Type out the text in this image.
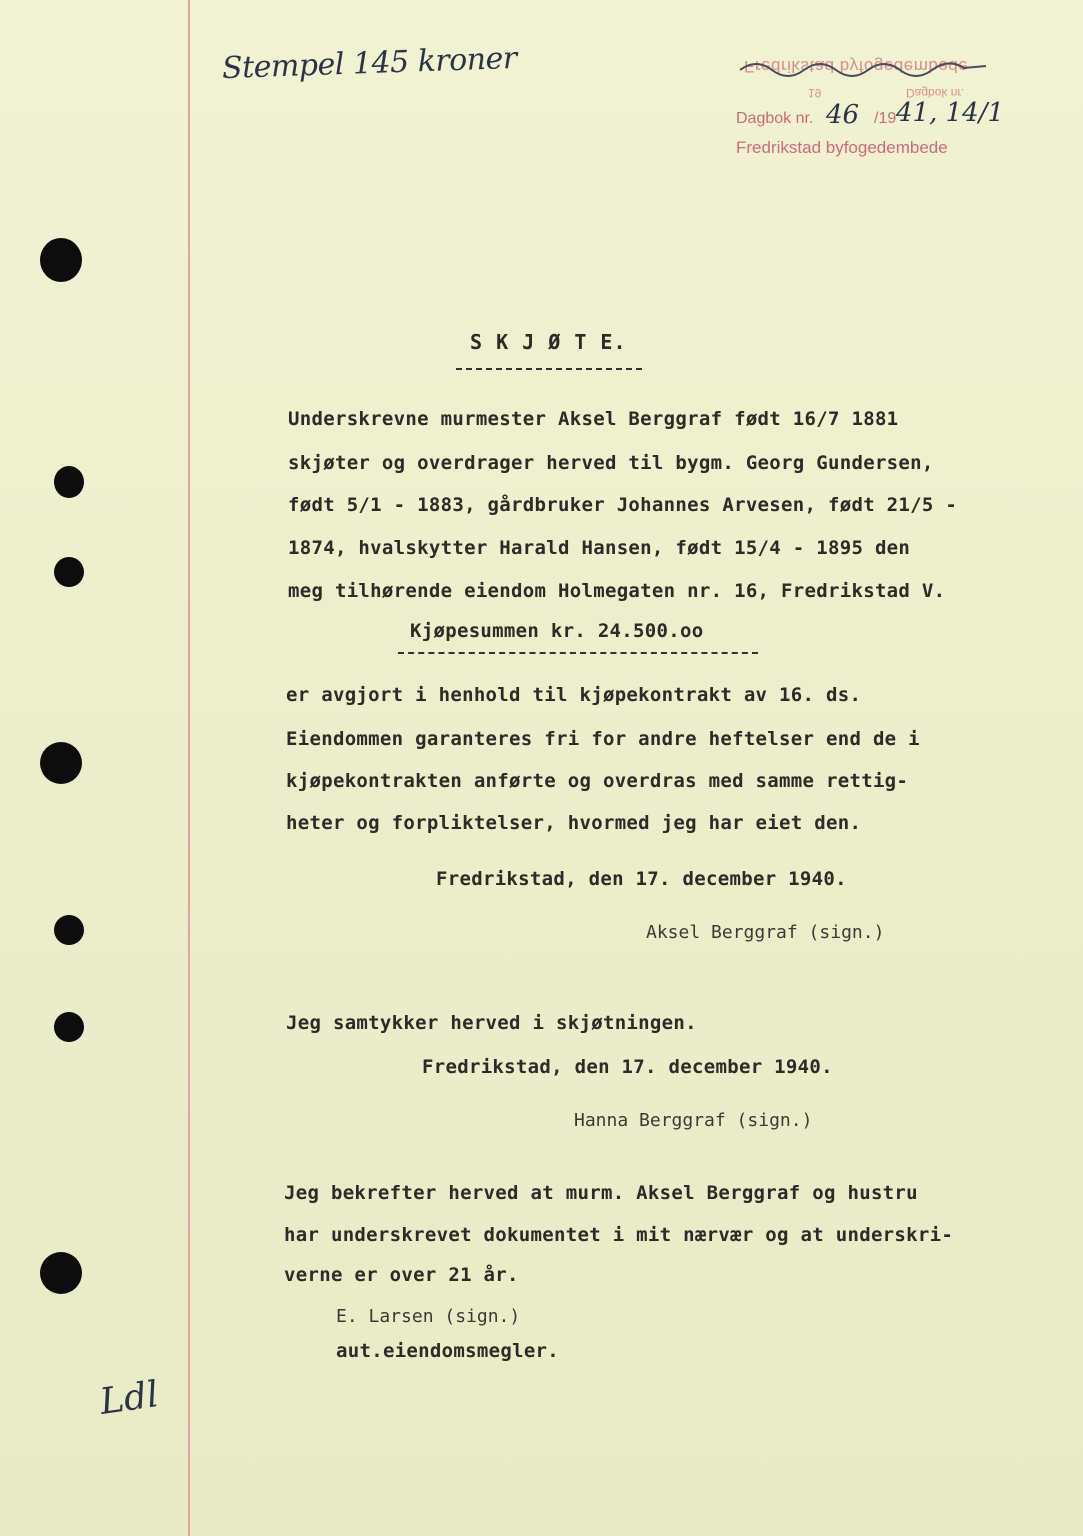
Stempel 145 kroner	Fredrikstad byfogedembede
19	Dagbok nr.
Dagbok nr. 46 /19 41, 14/1
Fredrikstad byfogedembede
S K J Ø T E.
Underskrevne murmester Aksel Berggraf født 16/7 1881
skjøter og overdrager herved til bygm. Georg Gundersen,
født 5/1 - 1883, gårdbruker Johannes Arvesen, født 21/5 -
1874, hvalskytter Harald Hansen, født 15/4 - 1895 den
meg tilhørende eiendom Holmegaten nr. 16, Fredrikstad V.
Kjøpesummen kr. 24.500.oo
er avgjort i henhold til kjøpekontrakt av 16. ds.
Eiendommen garanteres fri for andre heftelser end de i
kjøpekontrakten anførte og overdras med samme rettig-
heter og forpliktelser, hvormed jeg har eiet den.
Fredrikstad, den 17. december 1940.
Aksel Berggraf (sign.)
Jeg samtykker herved i skjøtningen.
Fredrikstad, den 17. december 1940.
Hanna Berggraf (sign.)
Jeg bekrefter herved at murm. Aksel Berggraf og hustru
har underskrevet dokumentet i mit nærvær og at underskri-
verne er over 21 år.
E. Larsen (sign.)
aut.eiendomsmegler.
Ldl
